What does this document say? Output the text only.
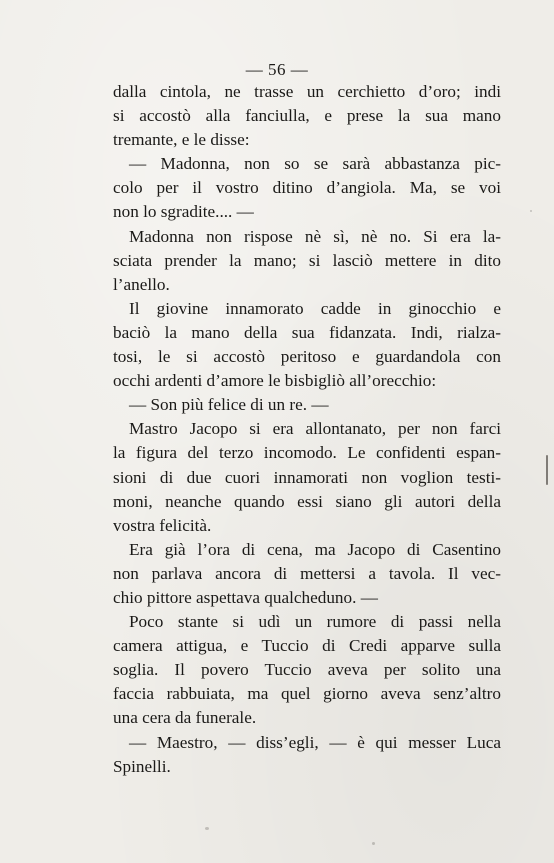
— 56 —
dalla cintola, ne trasse un cerchietto d’oro; indi
si accostò alla fanciulla, e prese la sua mano
tremante, e le disse:
— Madonna, non so se sarà abbastanza pic-
colo per il vostro ditino d’angiola. Ma, se voi
non lo sgradite.... —
Madonna non rispose nè sì, nè no. Si era la-
sciata prender la mano; si lasciò mettere in dito
l’anello.
Il giovine innamorato cadde in ginocchio e
baciò la mano della sua fidanzata. Indi, rialza-
tosi, le si accostò peritoso e guardandola con
occhi ardenti d’amore le bisbigliò all’orecchio:
— Son più felice di un re. —
Mastro Jacopo si era allontanato, per non farci
la figura del terzo incomodo. Le confidenti espan-
sioni di due cuori innamorati non voglion testi-
moni, neanche quando essi siano gli autori della
vostra felicità.
Era già l’ora di cena, ma Jacopo di Casentino
non parlava ancora di mettersi a tavola. Il vec-
chio pittore aspettava qualcheduno. —
Poco stante si udì un rumore di passi nella
camera attigua, e Tuccio di Credi apparve sulla
soglia. Il povero Tuccio aveva per solito una
faccia rabbuiata, ma quel giorno aveva senz’altro
una cera da funerale.
— Maestro, — diss’egli, — è qui messer Luca
Spinelli.
